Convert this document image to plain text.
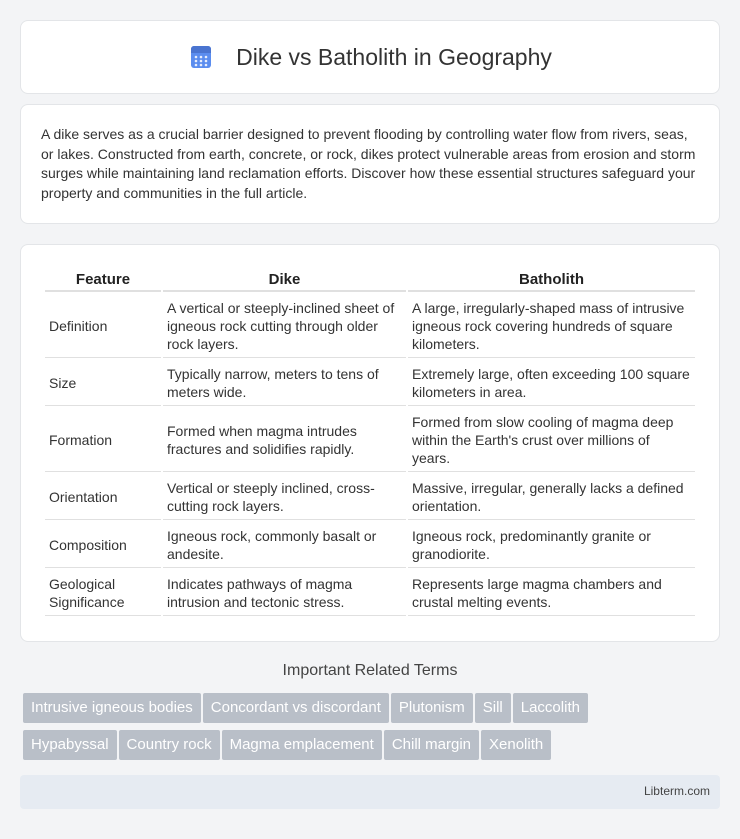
Dike vs Batholith in Geography

A dike serves as a crucial barrier designed to prevent flooding by controlling water flow from rivers, seas, or lakes. Constructed from earth, concrete, or rock, dikes protect vulnerable areas from erosion and storm surges while maintaining land reclamation efforts. Discover how these essential structures safeguard your property and communities in the full article.

Feature	Dike	Batholith
Definition	A vertical or steeply-inclined sheet of igneous rock cutting through older rock layers.	A large, irregularly-shaped mass of intrusive igneous rock covering hundreds of square kilometers.
Size	Typically narrow, meters to tens of meters wide.	Extremely large, often exceeding 100 square kilometers in area.
Formation	Formed when magma intrudes fractures and solidifies rapidly.	Formed from slow cooling of magma deep within the Earth's crust over millions of years.
Orientation	Vertical or steeply inclined, cross-cutting rock layers.	Massive, irregular, generally lacks a defined orientation.
Composition	Igneous rock, commonly basalt or andesite.	Igneous rock, predominantly granite or granodiorite.
Geological Significance	Indicates pathways of magma intrusion and tectonic stress.	Represents large magma chambers and crustal melting events.
Important Related Terms
Intrusive igneous bodies Concordant vs discordant Plutonism Sill Laccolith
Hypabyssal Country rock Magma emplacement Chill margin Xenolith
Libterm.com
